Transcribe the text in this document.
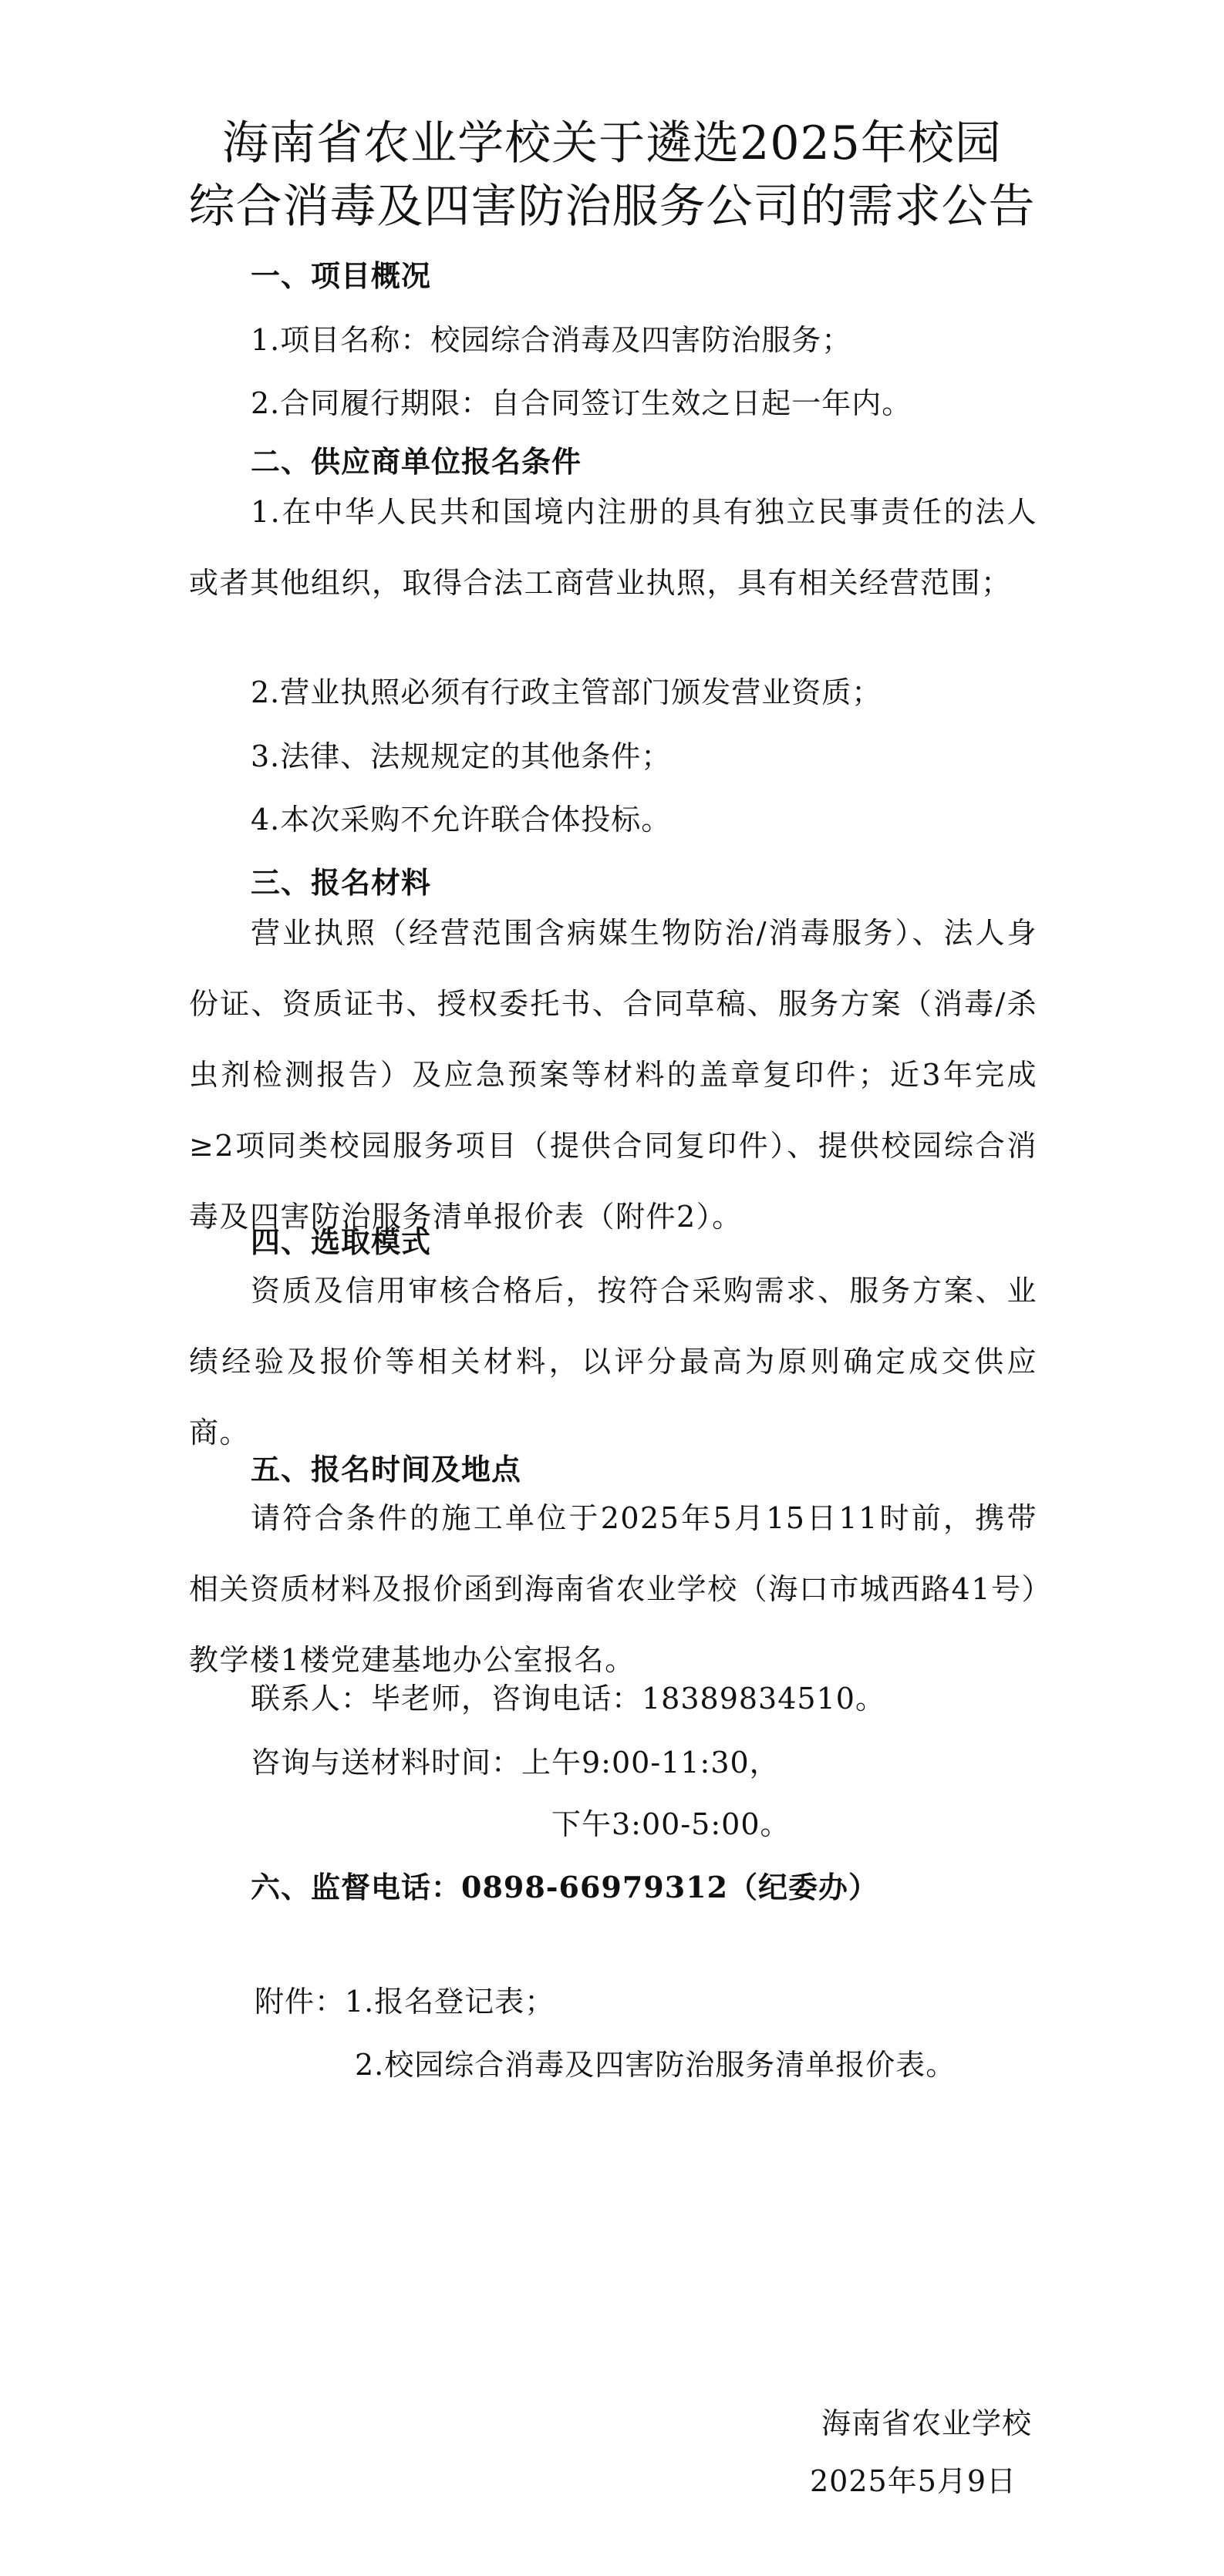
海南省农业学校关于遴选2025年校园
综合消毒及四害防治服务公司的需求公告
一、项目概况
1.项目名称：校园综合消毒及四害防治服务；
2.合同履行期限：自合同签订生效之日起一年内。
二、供应商单位报名条件
1.在中华人民共和国境内注册的具有独立民事责任的法人或者其他组织，取得合法工商营业执照，具有相关经营范围；
2.营业执照必须有行政主管部门颁发营业资质；
3.法律、法规规定的其他条件；
4.本次采购不允许联合体投标。
三、报名材料
营业执照（经营范围含病媒生物防治/消毒服务）、法人身份证、资质证书、授权委托书、合同草稿、服务方案（消毒/杀虫剂检测报告）及应急预案等材料的盖章复印件；近3年完成≥2项同类校园服务项目（提供合同复印件）、提供校园综合消毒及四害防治服务清单报价表（附件2）。
四、选取模式
资质及信用审核合格后，按符合采购需求、服务方案、业绩经验及报价等相关材料，以评分最高为原则确定成交供应商。
五、报名时间及地点
请符合条件的施工单位于2025年5月15日11时前，携带相关资质材料及报价函到海南省农业学校（海口市城西路41号）教学楼1楼党建基地办公室报名。
联系人：毕老师，咨询电话：18389834510。
咨询与送材料时间：上午9:00-11:30，
下午3:00-5:00。
六、监督电话：0898-66979312（纪委办）
附件：1.报名登记表；
2.校园综合消毒及四害防治服务清单报价表。
海南省农业学校
2025年5月9日
